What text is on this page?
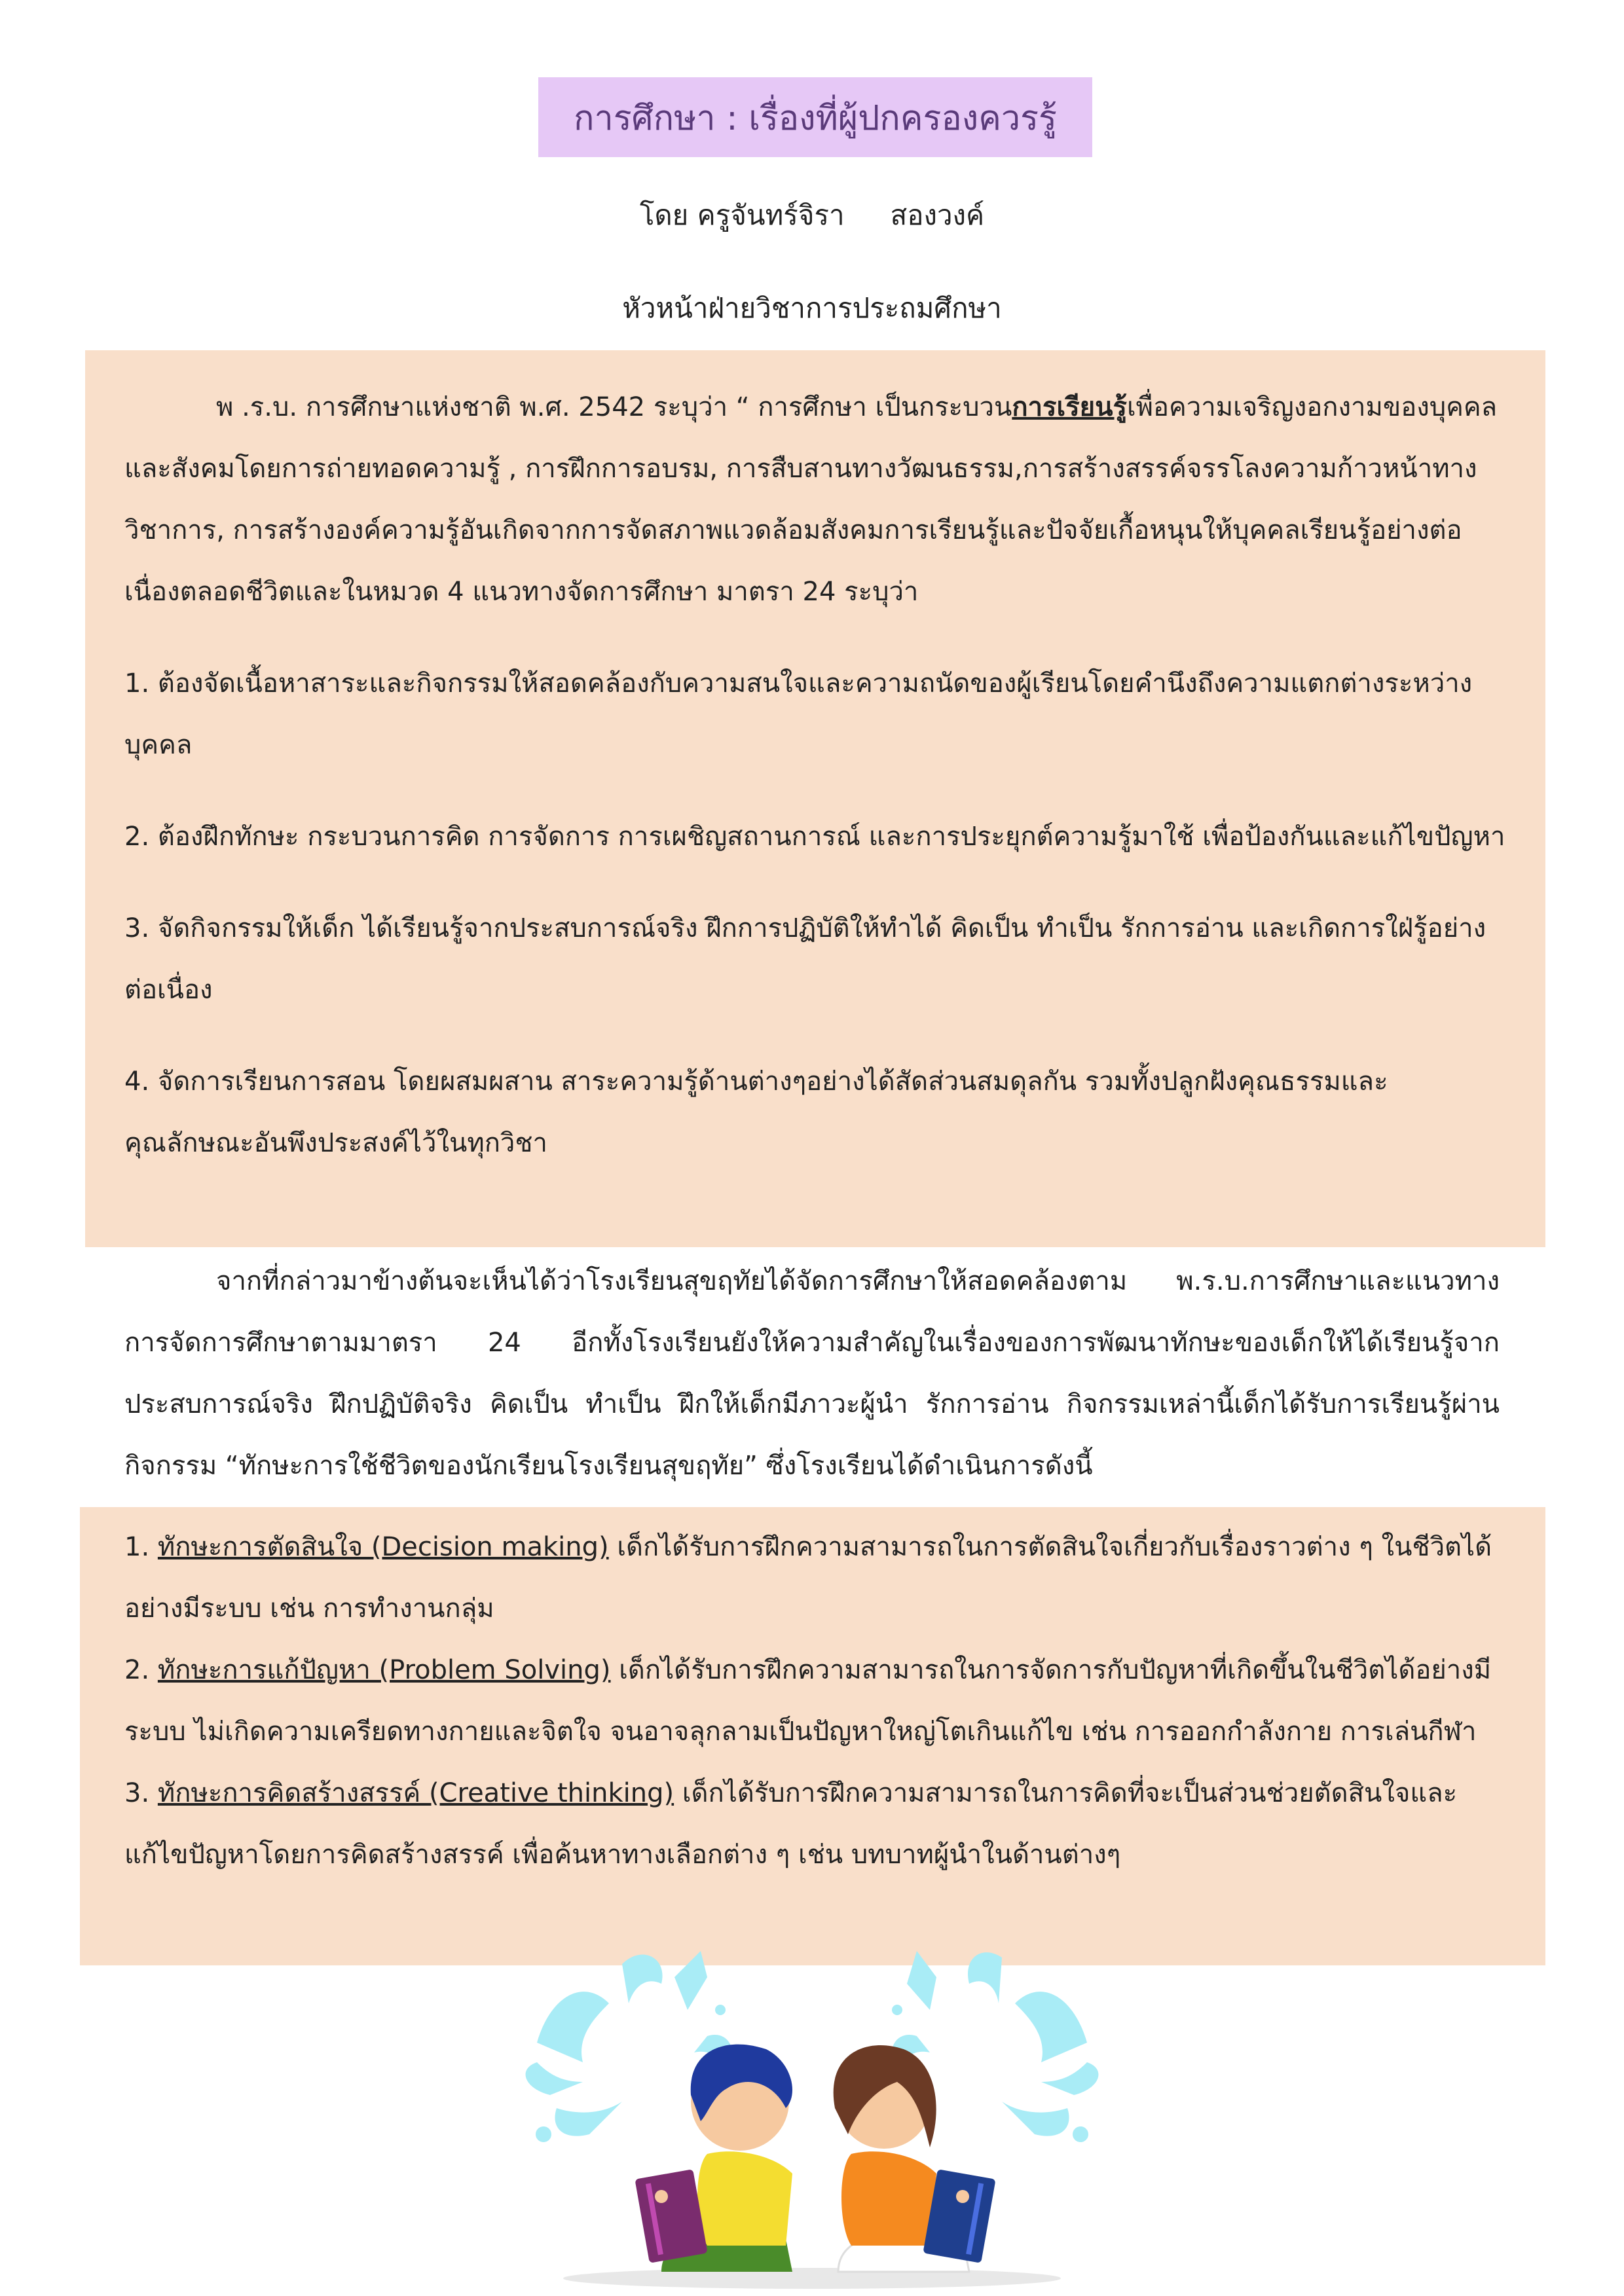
การศึกษา : เรื่องที่ผู้ปกครองควรรู้
โดย ครูจันทร์จิรา สองวงค์
หัวหน้าฝ่ายวิชาการประถมศึกษา

พ .ร.บ. การศึกษาแห่งชาติ พ.ศ. 2542 ระบุว่า “ การศึกษา เป็นกระบวนการเรียนรู้เพื่อความเจริญงอกงามของบุคคลและสังคมโดยการถ่ายทอดความรู้ , การฝึกการอบรม, การสืบสานทางวัฒนธรรม,การสร้างสรรค์จรรโลงความก้าวหน้าทางวิชาการ, การสร้างองค์ความรู้อันเกิดจากการจัดสภาพแวดล้อมสังคมการเรียนรู้และปัจจัยเกื้อหนุนให้บุคคลเรียนรู้อย่างต่อเนื่องตลอดชีวิตและในหมวด 4 แนวทางจัดการศึกษา มาตรา 24 ระบุว่า

1. ต้องจัดเนื้อหาสาระและกิจกรรมให้สอดคล้องกับความสนใจและความถนัดของผู้เรียนโดยคำนึงถึงความแตกต่างระหว่างบุคคล

2. ต้องฝึกทักษะ กระบวนการคิด การจัดการ การเผชิญสถานการณ์ และการประยุกต์ความรู้มาใช้ เพื่อป้องกันและแก้ไขปัญหา

3. จัดกิจกรรมให้เด็ก ได้เรียนรู้จากประสบการณ์จริง ฝึกการปฏิบัติให้ทำได้ คิดเป็น ทำเป็น รักการอ่าน และเกิดการใฝ่รู้อย่างต่อเนื่อง

4. จัดการเรียนการสอน โดยผสมผสาน สาระความรู้ด้านต่างๆอย่างได้สัดส่วนสมดุลกัน รวมทั้งปลูกฝังคุณธรรมและคุณลักษณะอันพึงประสงค์ไว้ในทุกวิชา

จากที่กล่าวมาข้างต้นจะเห็นได้ว่าโรงเรียนสุขฤทัยได้จัดการศึกษาให้สอดคล้องตาม พ.ร.บ.การศึกษาและแนวทางการจัดการศึกษาตามมาตรา 24 อีกทั้งโรงเรียนยังให้ความสำคัญในเรื่องของการพัฒนาทักษะของเด็กให้ได้เรียนรู้จากประสบการณ์จริง ฝึกปฏิบัติจริง คิดเป็น ทำเป็น ฝึกให้เด็กมีภาวะผู้นำ รักการอ่าน กิจกรรมเหล่านี้เด็กได้รับการเรียนรู้ผ่านกิจกรรม “ทักษะการใช้ชีวิตของนักเรียนโรงเรียนสุขฤทัย” ซึ่งโรงเรียนได้ดำเนินการดังนี้

1. ทักษะการตัดสินใจ (Decision making) เด็กได้รับการฝึกความสามารถในการตัดสินใจเกี่ยวกับเรื่องราวต่าง ๆ ในชีวิตได้อย่างมีระบบ เช่น การทำงานกลุ่ม

2. ทักษะการแก้ปัญหา (Problem Solving) เด็กได้รับการฝึกความสามารถในการจัดการกับปัญหาที่เกิดขึ้นในชีวิตได้อย่างมีระบบ ไม่เกิดความเครียดทางกายและจิตใจ จนอาจลุกลามเป็นปัญหาใหญ่โตเกินแก้ไข เช่น การออกกำลังกาย การเล่นกีฬา

3. ทักษะการคิดสร้างสรรค์ (Creative thinking) เด็กได้รับการฝึกความสามารถในการคิดที่จะเป็นส่วนช่วยตัดสินใจและแก้ไขปัญหาโดยการคิดสร้างสรรค์ เพื่อค้นหาทางเลือกต่าง ๆ เช่น บทบาทผู้นำในด้านต่างๆ
